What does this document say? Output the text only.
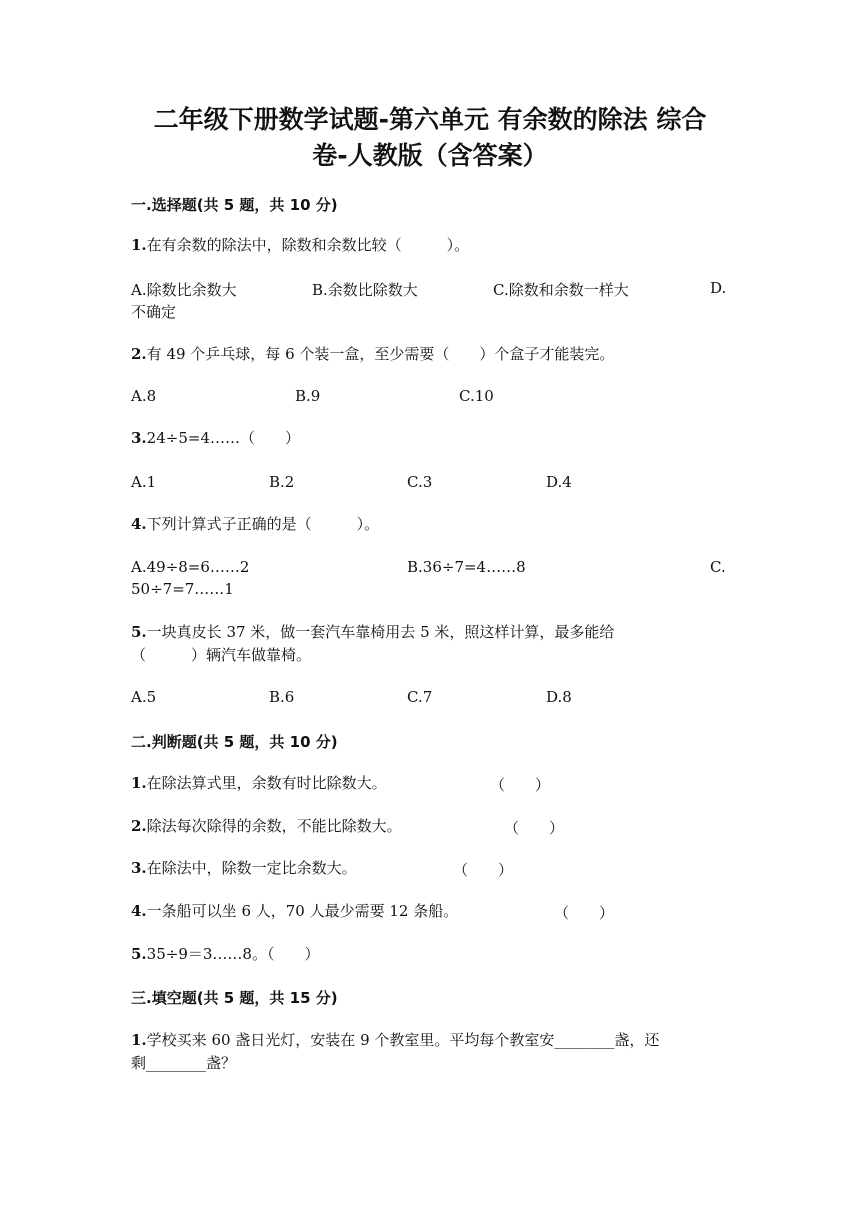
二年级下册数学试题-第六单元 有余数的除法 综合
卷-人教版（含答案）
一.选择题(共 5 题，共 10 分)
1.在有余数的除法中，除数和余数比较（　　　）。
A.除数比余数大	B.余数比除数大	C.除数和余数一样大	D.
不确定
2.有 49 个乒乓球，每 6 个装一盒，至少需要（　　）个盒子才能装完。
A.8	B.9	C.10
3.24÷5=4……（　　）
A.1	B.2	C.3	D.4
4.下列计算式子正确的是（　　　）。
A.49÷8=6……2	B.36÷7=4……8	C.
50÷7=7……1
5.一块真皮长 37 米，做一套汽车靠椅用去 5 米，照这样计算，最多能给
（　　　）辆汽车做靠椅。
A.5	B.6	C.7	D.8
二.判断题(共 5 题，共 10 分)
1.在除法算式里，余数有时比除数大。	（　　）
2.除法每次除得的余数，不能比除数大。	（　　）
3.在除法中，除数一定比余数大。	（　　）
4.一条船可以坐 6 人，70 人最少需要 12 条船。	（　　）
5.35÷9＝3……8。（　　）
三.填空题(共 5 题，共 15 分)
1.学校买来 60 盏日光灯，安装在 9 个教室里。平均每个教室安________盏，还
剩________盏？
